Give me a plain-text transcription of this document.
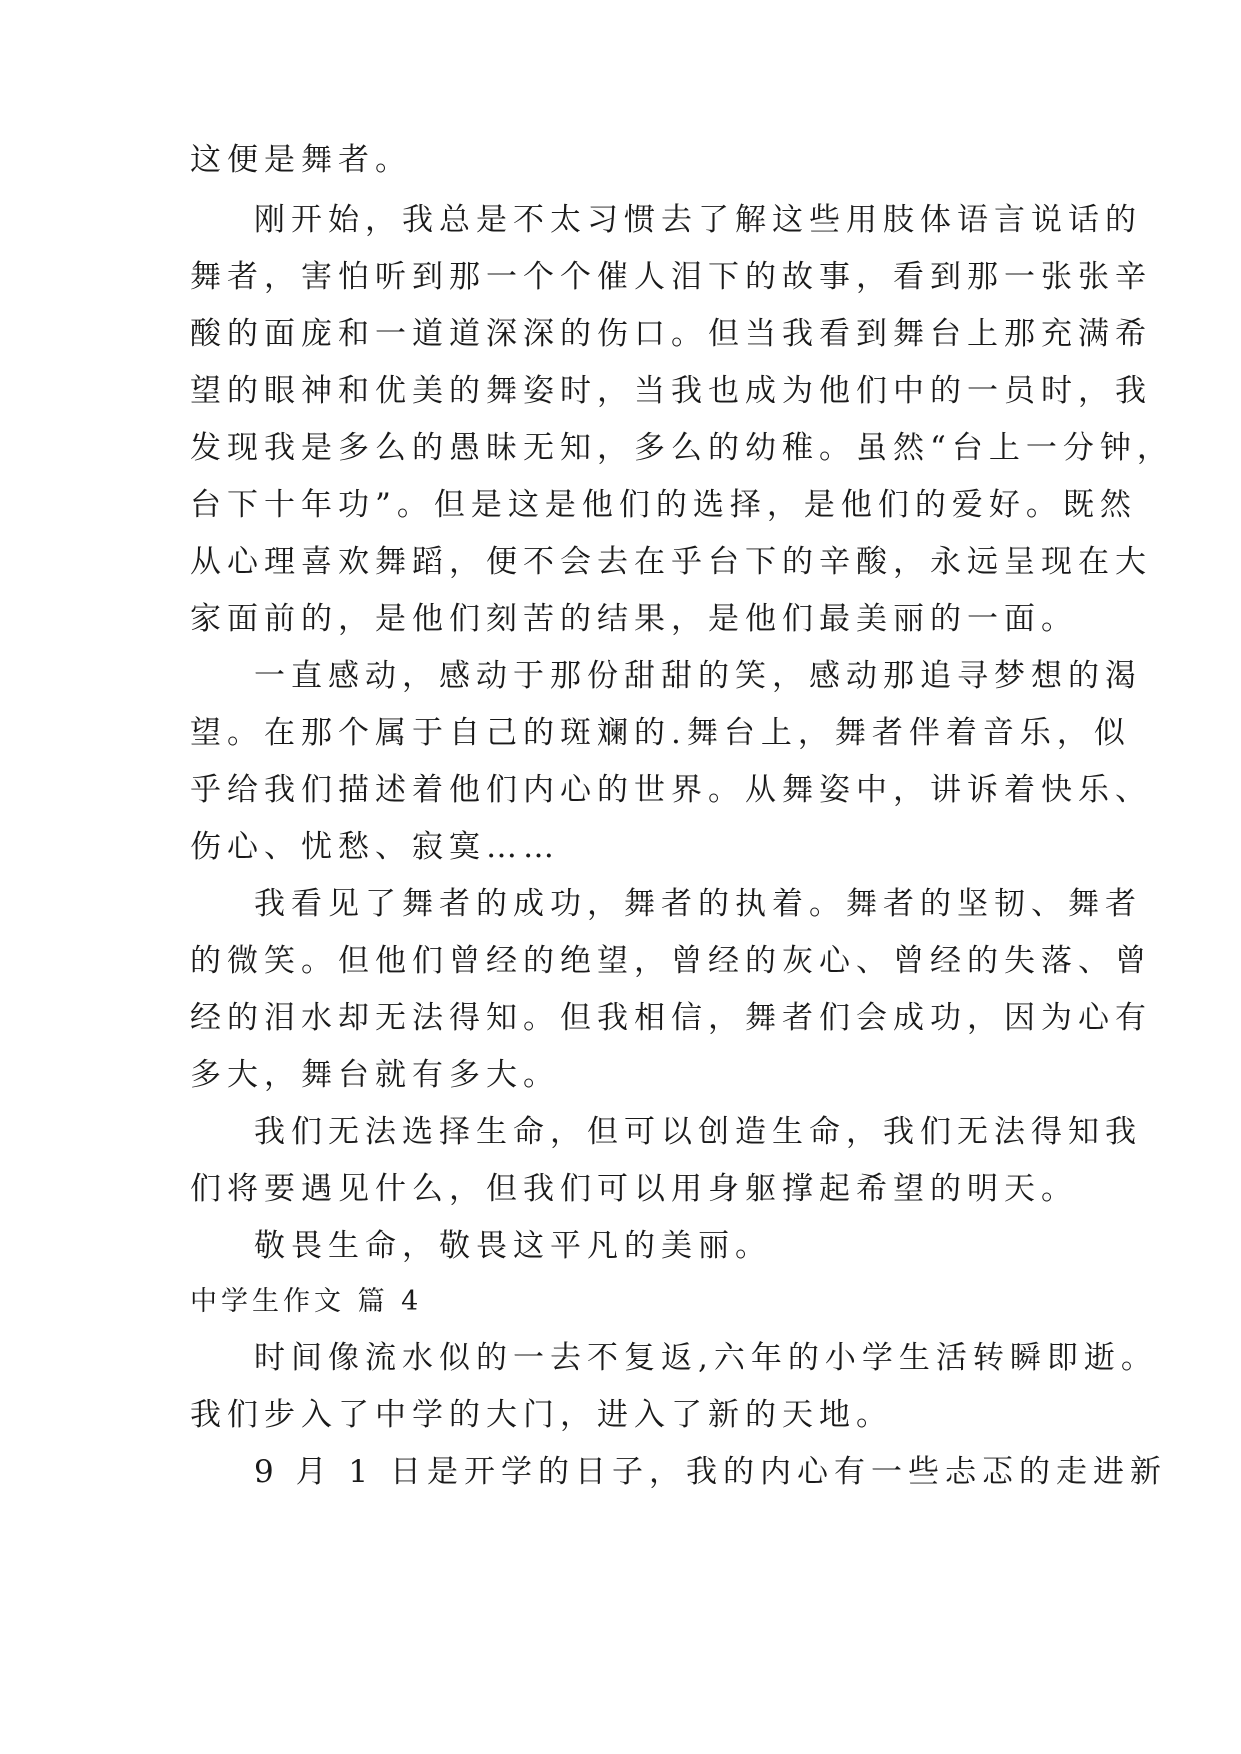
这便是舞者。
刚开始，我总是不太习惯去了解这些用肢体语言说话的
舞者，害怕听到那一个个催人泪下的故事，看到那一张张辛
酸的面庞和一道道深深的伤口。但当我看到舞台上那充满希
望的眼神和优美的舞姿时，当我也成为他们中的一员时，我
发现我是多么的愚昧无知，多么的幼稚。虽然“台上一分钟，
台下十年功”。但是这是他们的选择，是他们的爱好。既然
从心理喜欢舞蹈，便不会去在乎台下的辛酸，永远呈现在大
家面前的，是他们刻苦的结果，是他们最美丽的一面。
一直感动，感动于那份甜甜的笑，感动那追寻梦想的渴
望。在那个属于自己的斑斓的.舞台上，舞者伴着音乐，似
乎给我们描述着他们内心的世界。从舞姿中，讲诉着快乐、
伤心、忧愁、寂寞……
我看见了舞者的成功，舞者的执着。舞者的坚韧、舞者
的微笑。但他们曾经的绝望，曾经的灰心、曾经的失落、曾
经的泪水却无法得知。但我相信，舞者们会成功，因为心有
多大，舞台就有多大。
我们无法选择生命，但可以创造生命，我们无法得知我
们将要遇见什么，但我们可以用身躯撑起希望的明天。
敬畏生命，敬畏这平凡的美丽。
中学生作文 篇 4
时间像流水似的一去不复返,六年的小学生活转瞬即逝。
我们步入了中学的大门，进入了新的天地。
9 月 1 日是开学的日子，我的内心有一些忐忑的走进新
